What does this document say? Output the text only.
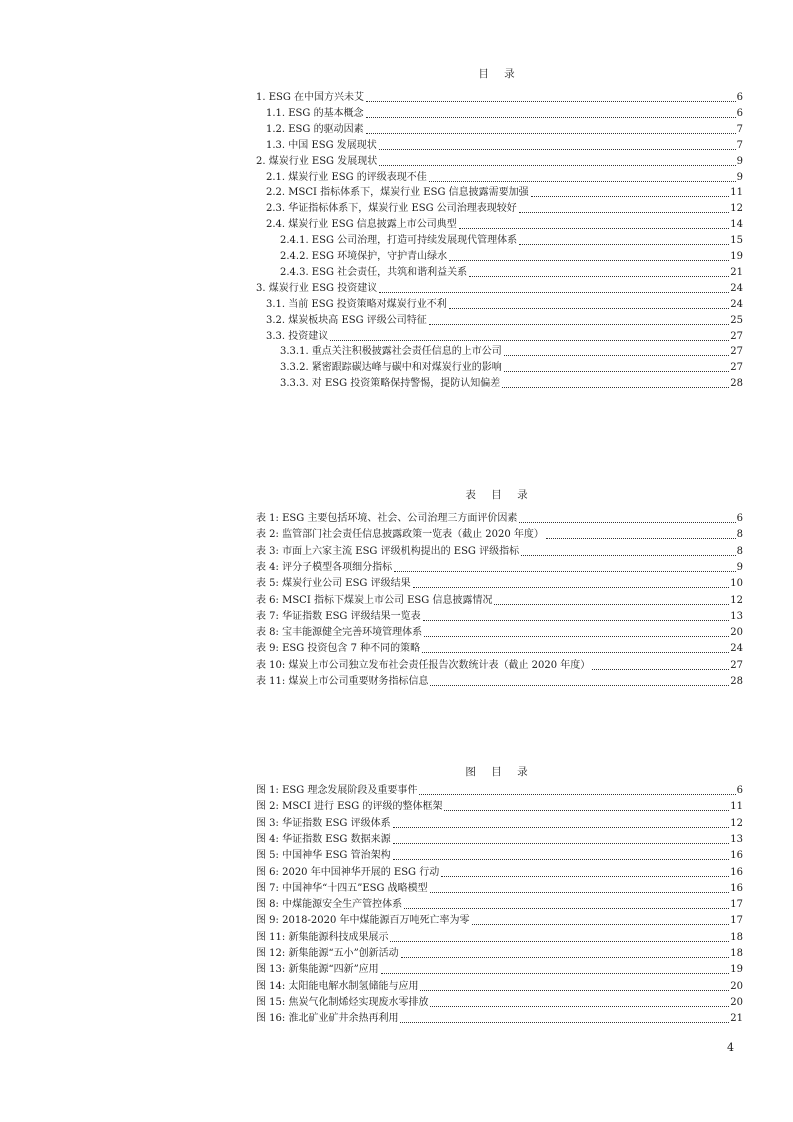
目 录
1. ESG 在中国方兴未艾	6
1.1. ESG 的基本概念	6
1.2. ESG 的驱动因素	7
1.3. 中国 ESG 发展现状	7
2. 煤炭行业 ESG 发展现状	9
2.1. 煤炭行业 ESG 的评级表现不佳	9
2.2. MSCI 指标体系下，煤炭行业 ESG 信息披露需要加强	11
2.3. 华证指标体系下，煤炭行业 ESG 公司治理表现较好	12
2.4. 煤炭行业 ESG 信息披露上市公司典型	14
2.4.1. ESG 公司治理，打造可持续发展现代管理体系	15
2.4.2. ESG 环境保护，守护青山绿水	19
2.4.3. ESG 社会责任，共筑和谐利益关系	21
3. 煤炭行业 ESG 投资建议	24
3.1. 当前 ESG 投资策略对煤炭行业不利	24
3.2. 煤炭板块高 ESG 评级公司特征	25
3.3. 投资建议	27
3.3.1. 重点关注积极披露社会责任信息的上市公司	27
3.3.2. 紧密跟踪碳达峰与碳中和对煤炭行业的影响	27
3.3.3. 对 ESG 投资策略保持警惕，提防认知偏差	28
表 目 录
表 1: ESG 主要包括环境、社会、公司治理三方面评价因素	6
表 2: 监管部门社会责任信息披露政策一览表（截止 2020 年度）	8
表 3: 市面上六家主流 ESG 评级机构提出的 ESG 评级指标	8
表 4: 评分子模型各项细分指标	9
表 5: 煤炭行业公司 ESG 评级结果	10
表 6: MSCI 指标下煤炭上市公司 ESG 信息披露情况	12
表 7: 华证指数 ESG 评级结果一览表	13
表 8: 宝丰能源健全完善环境管理体系	20
表 9: ESG 投资包含 7 种不同的策略	24
表 10: 煤炭上市公司独立发布社会责任报告次数统计表（截止 2020 年度）	27
表 11: 煤炭上市公司重要财务指标信息	28
图 目 录
图 1: ESG 理念发展阶段及重要事件	6
图 2: MSCI 进行 ESG 的评级的整体框架	11
图 3: 华证指数 ESG 评级体系	12
图 4: 华证指数 ESG 数据来源	13
图 5: 中国神华 ESG 管治架构	16
图 6: 2020 年中国神华开展的 ESG 行动	16
图 7: 中国神华“十四五”ESG 战略模型	16
图 8: 中煤能源安全生产管控体系	17
图 9: 2018-2020 年中煤能源百万吨死亡率为零	17
图 11: 新集能源科技成果展示	18
图 12: 新集能源“五小”创新活动	18
图 13: 新集能源“四新”应用	19
图 14: 太阳能电解水制氢储能与应用	20
图 15: 焦炭气化制烯烃实现废水零排放	20
图 16: 淮北矿业矿井余热再利用	21
4
